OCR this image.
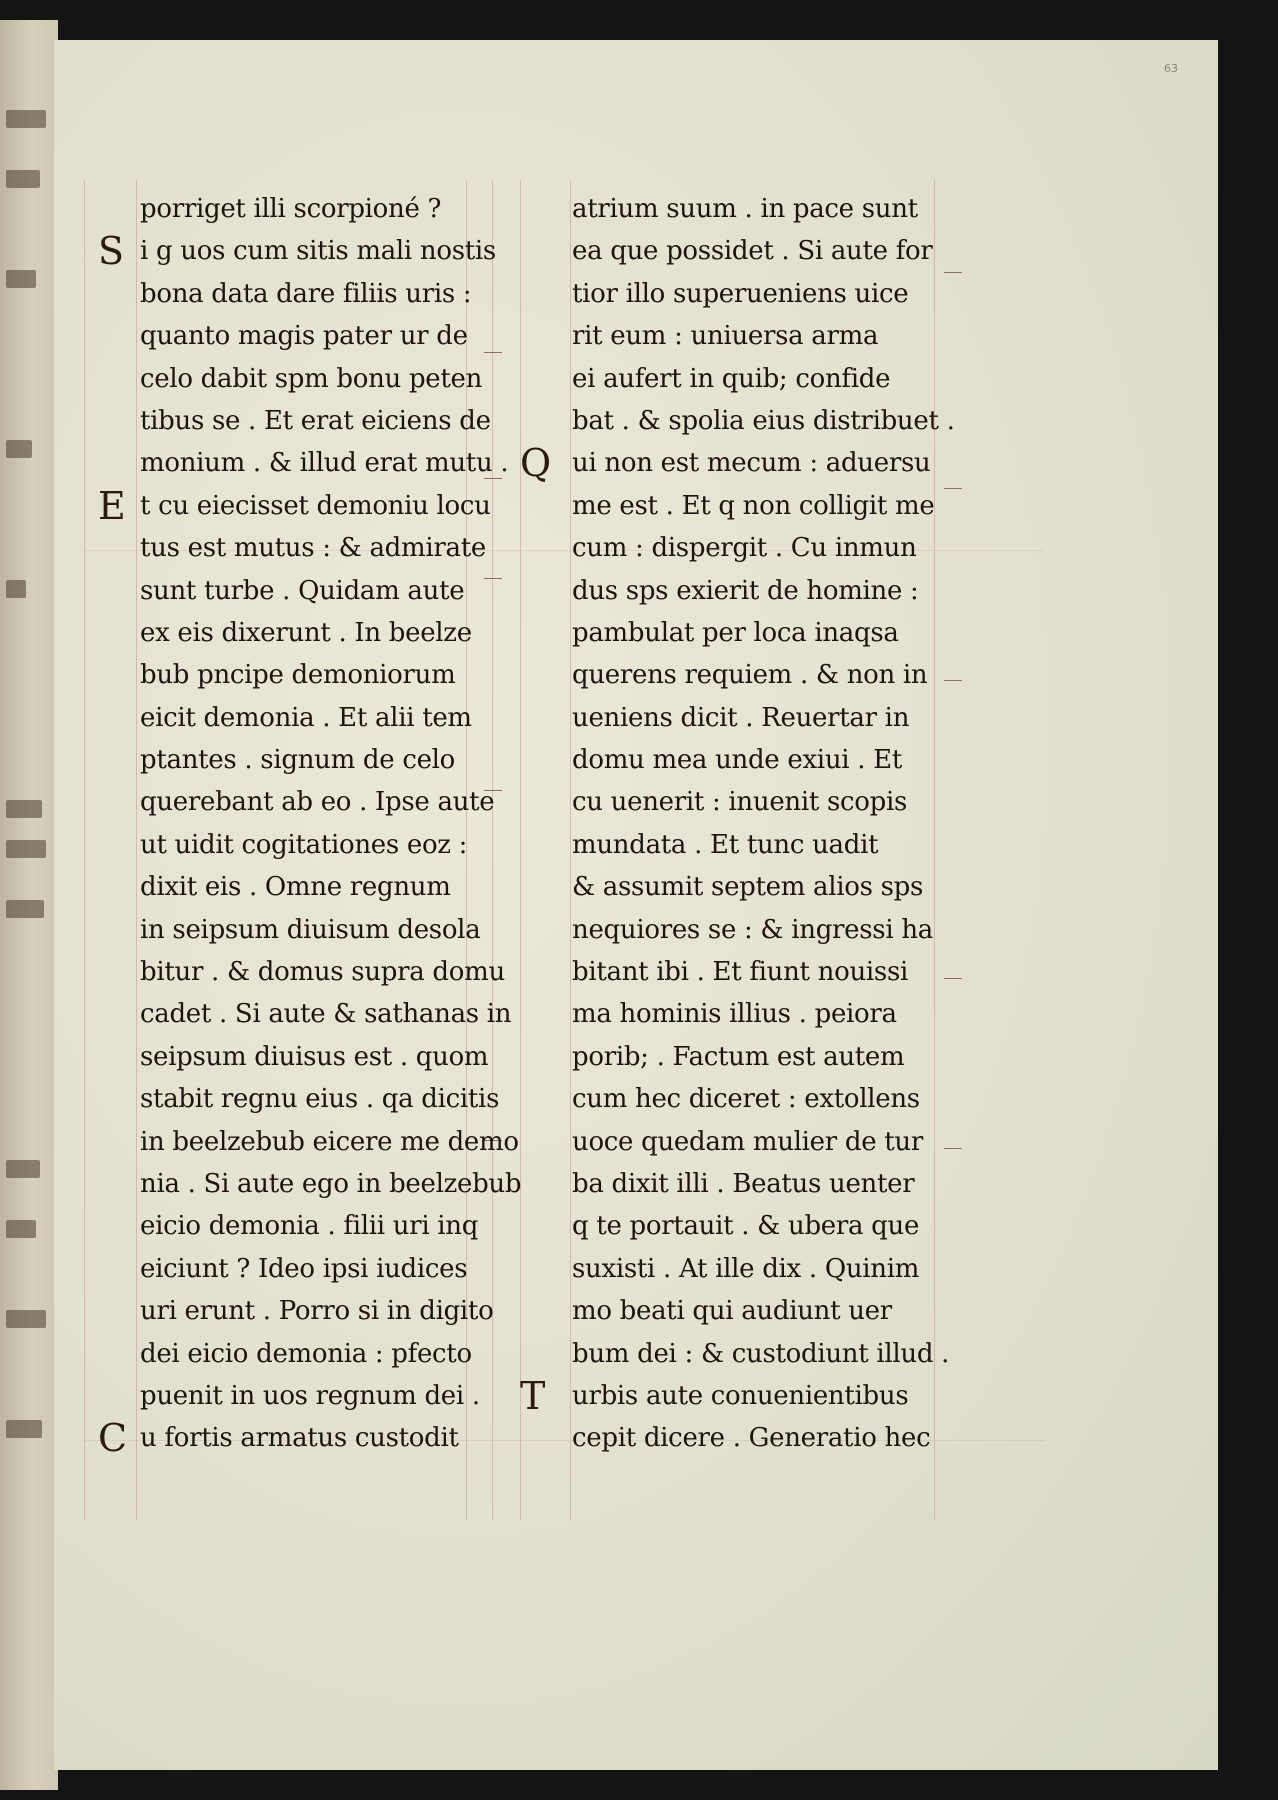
63
porriget illi scorpioné ?
S i g uos cum sitis mali nostis
bona data dare filiis uris :
quanto magis pater ur de
celo dabit spm bonu peten
tibus se . Et erat eiciens de
monium . & illud erat mutu .
E t cu eiecisset demoniu locu
tus est mutus : & admirate
sunt turbe . Quidam aute
ex eis dixerunt . In beelze
bub pncipe demoniorum
eicit demonia . Et alii tem
ptantes . signum de celo
querebant ab eo . Ipse aute
ut uidit cogitationes eoz :
dixit eis . Omne regnum
in seipsum diuisum desola
bitur . & domus supra domu
cadet . Si aute & sathanas in
seipsum diuisus est . quom
stabit regnu eius . qa dicitis
in beelzebub eicere me demo
nia . Si aute ego in beelzebub
eicio demonia . filii uri inq
eiciunt ? Ideo ipsi iudices
uri erunt . Porro si in digito
dei eicio demonia : pfecto
puenit in uos regnum dei .
C u fortis armatus custodit
atrium suum . in pace sunt
ea que possidet . Si aute for
tior illo superueniens uice
rit eum : uniuersa arma
ei aufert in quib; confide
bat . & spolia eius distribuet .
Q ui non est mecum : aduersu
me est . Et q non colligit me
cum : dispergit . Cu inmun
dus sps exierit de homine :
pambulat per loca inaqsa
querens requiem . & non in
ueniens dicit . Reuertar in
domu mea unde exiui . Et
cu uenerit : inuenit scopis
mundata . Et tunc uadit
& assumit septem alios sps
nequiores se : & ingressi ha
bitant ibi . Et fiunt nouissi
ma hominis illius . peiora
porib; . Factum est autem
cum hec diceret : extollens
uoce quedam mulier de tur
ba dixit illi . Beatus uenter
q te portauit . & ubera que
suxisti . At ille dix . Quinim
mo beati qui audiunt uer
bum dei : & custodiunt illud .
T urbis aute conuenientibus
cepit dicere . Generatio hec
